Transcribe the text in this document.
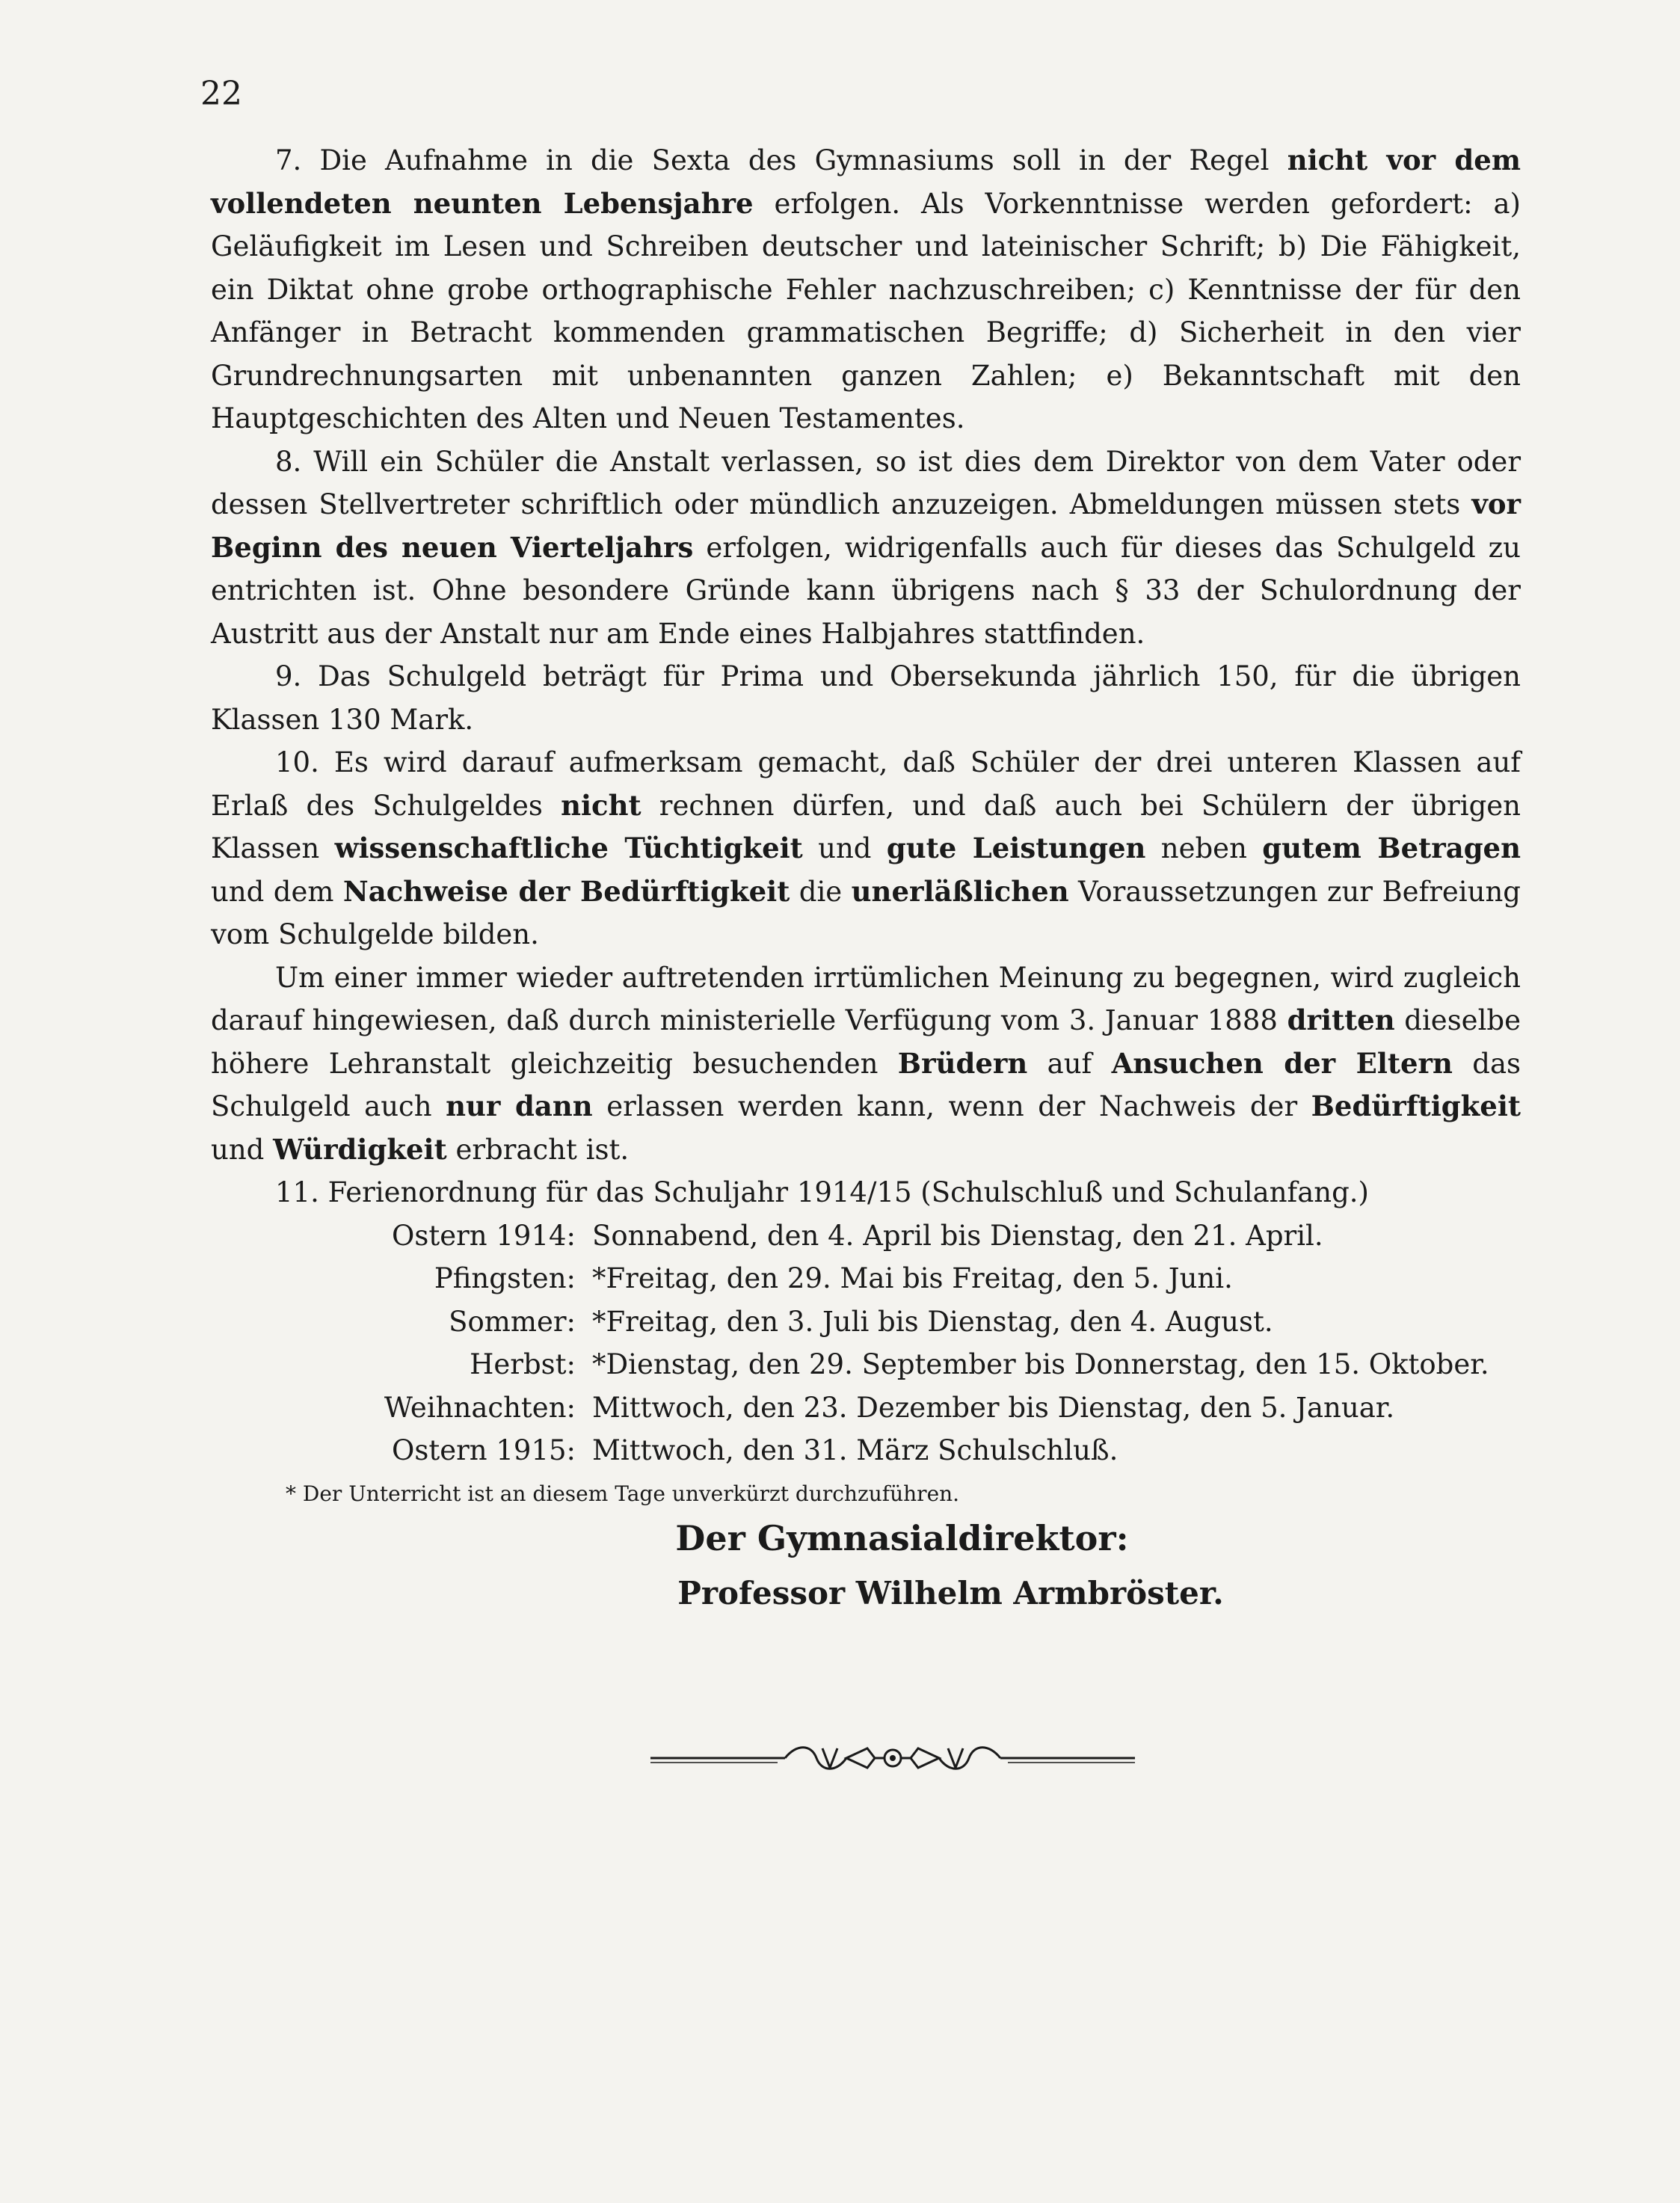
22

7. Die Aufnahme in die Sexta des Gymnasiums soll in der Regel nicht vor dem vollendeten neunten Lebensjahre erfolgen. Als Vorkenntnisse werden gefordert: a) Geläufigkeit im Lesen und Schreiben deutscher und lateinischer Schrift; b) Die Fähigkeit, ein Diktat ohne grobe orthographische Fehler nachzuschreiben; c) Kenntnisse der für den Anfänger in Betracht kommenden grammatischen Begriffe; d) Sicherheit in den vier Grundrechnungsarten mit unbenannten ganzen Zahlen; e) Bekanntschaft mit den Hauptgeschichten des Alten und Neuen Testamentes.

8. Will ein Schüler die Anstalt verlassen, so ist dies dem Direktor von dem Vater oder dessen Stellvertreter schriftlich oder mündlich anzuzeigen. Abmeldungen müssen stets vor Beginn des neuen Vierteljahrs erfolgen, widrigenfalls auch für dieses das Schulgeld zu entrichten ist. Ohne besondere Gründe kann übrigens nach § 33 der Schulordnung der Austritt aus der Anstalt nur am Ende eines Halbjahres stattfinden.

9. Das Schulgeld beträgt für Prima und Obersekunda jährlich 150, für die übrigen Klassen 130 Mark.

10. Es wird darauf aufmerksam gemacht, daß Schüler der drei unteren Klassen auf Erlaß des Schulgeldes nicht rechnen dürfen, und daß auch bei Schülern der übrigen Klassen wissenschaftliche Tüchtigkeit und gute Leistungen neben gutem Betragen und dem Nachweise der Bedürftigkeit die unerläßlichen Voraussetzungen zur Befreiung vom Schulgelde bilden.

Um einer immer wieder auftretenden irrtümlichen Meinung zu begegnen, wird zugleich darauf hingewiesen, daß durch ministerielle Verfügung vom 3. Januar 1888 dritten dieselbe höhere Lehranstalt gleichzeitig besuchenden Brüdern auf Ansuchen der Eltern das Schulgeld auch nur dann erlassen werden kann, wenn der Nachweis der Bedürftigkeit und Würdigkeit erbracht ist.

11. Ferienordnung für das Schuljahr 1914/15 (Schulschluß und Schulanfang.)

Ostern 1914: Sonnabend, den 4. April bis Dienstag, den 21. April.
Pfingsten: *Freitag, den 29. Mai bis Freitag, den 5. Juni.
Sommer: *Freitag, den 3. Juli bis Dienstag, den 4. August.
Herbst: *Dienstag, den 29. September bis Donnerstag, den 15. Oktober.
Weihnachten: Mittwoch, den 23. Dezember bis Dienstag, den 5. Januar.
Ostern 1915: Mittwoch, den 31. März Schulschluß.
* Der Unterricht ist an diesem Tage unverkürzt durchzuführen.
Der Gymnasialdirektor:
Professor Wilhelm Armbröster.
